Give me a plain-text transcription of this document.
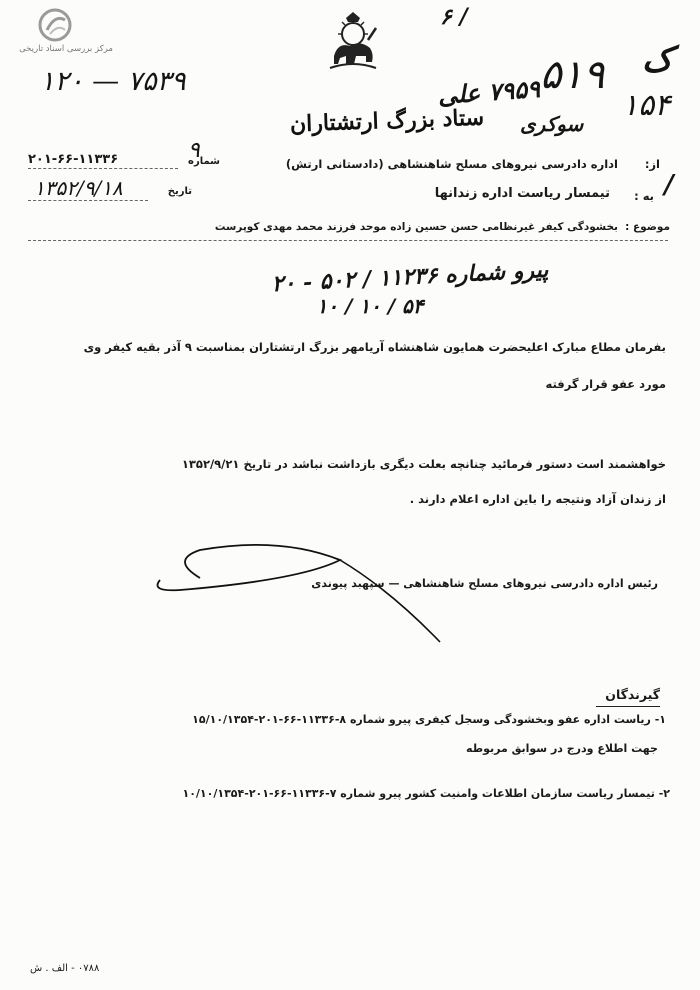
مرکز بررسی اسناد تاریخی
۱۲۰ — ۷۵۳۹
۶ /
۵۱۹ ک
۱۵۴
سوکری
۷۹۵۹ علی
ستاد بزرگ ارتشتاران
شماره
۹
۲۰۱-۶۶-۱۱۳۳۶
تاریخ
۱۳۵۲/۹/۱۸
از:
اداره دادرسی نیروهای مسلح شاهنشاهی (دادستانی ارتش)
/
به :
تیمسار ریاست اداره زندانها
موضوع :
بخشودگی کیفر غیرنظامی حسن حسین زاده موحد فرزند محمد مهدی کوپرست
پیرو شماره ۱۱۲۳۶ / ۵۰۲ - ۲۰
۱۰ / ۱۰ / ۵۴
بفرمان مطاع مبارک اعلیحضرت همایون شاهنشاه آریامهر بزرگ ارتشتاران بمناسبت ۹ آذر بقیه کیفر وی
مورد عفو قرار گرفته
خواهشمند است دستور فرمائید چنانچه بعلت دیگری بازداشت نباشد در تاریخ ۱۳۵۲/۹/۲۱
از زندان آزاد ونتیجه را باین اداره اعلام دارند .
رئیس اداره دادرسی نیروهای مسلح شاهنشاهی — سپهبد پیوندی
گیرندگان
۱- ریاست اداره عفو وبخشودگی وسجل کیفری پیرو شماره ۸-۱۱۳۳۶-۶۶-۲۰۱-۱۵/۱۰/۱۳۵۴
جهت اطلاع ودرج در سوابق مربوطه
۲- تیمسار ریاست سازمان اطلاعات وامنیت کشور پیرو شماره ۷-۱۱۳۳۶-۶۶-۲۰۱-۱۰/۱۰/۱۳۵۴
۰۷۸۸ - الف . ش
